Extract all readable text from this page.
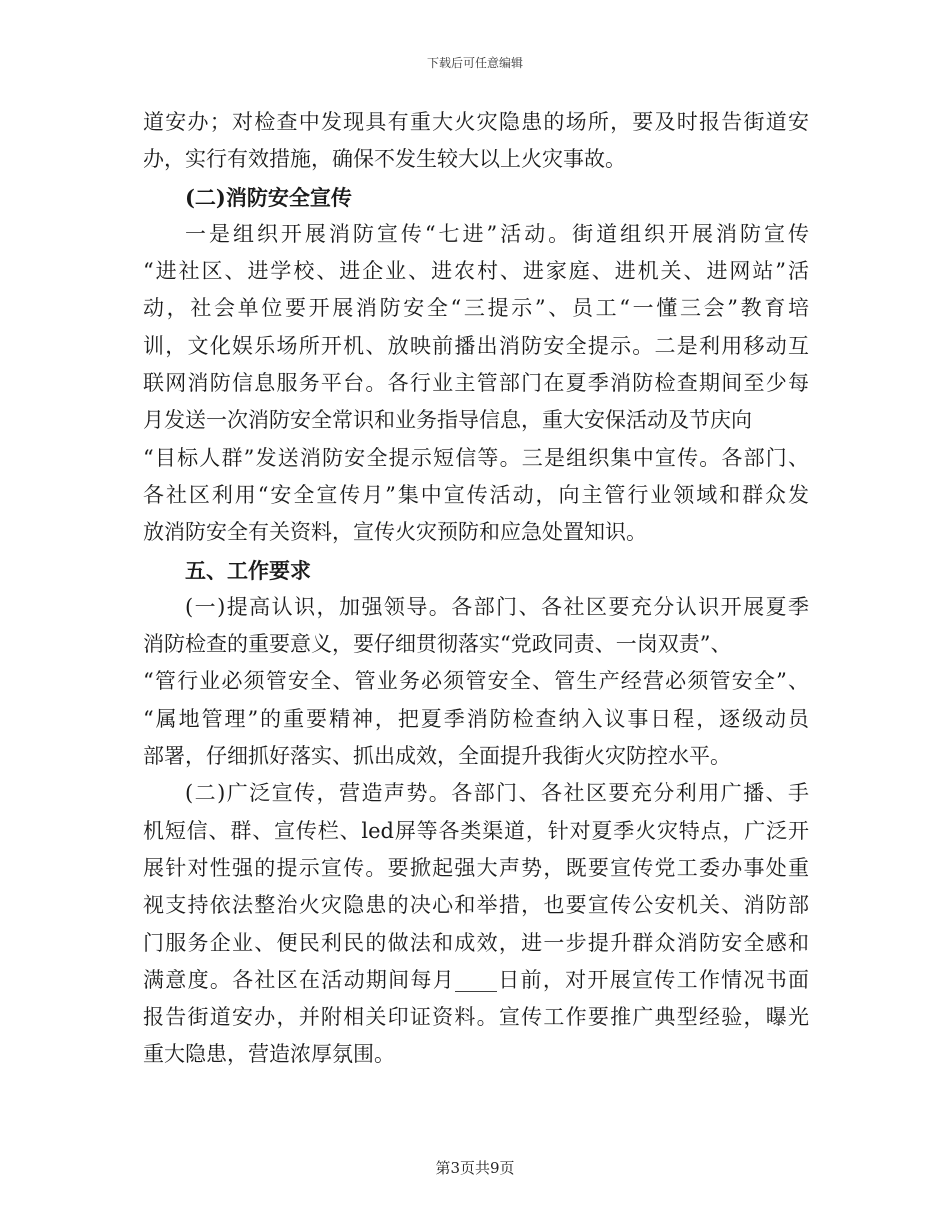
下载后可任意编辑
道安办；对检查中发现具有重大火灾隐患的场所，要及时报告街道安
办，实行有效措施，确保不发生较大以上火灾事故。
(二)消防安全宣传
一是组织开展消防宣传“七进”活动。街道组织开展消防宣传
“进社区、进学校、进企业、进农村、进家庭、进机关、进网站”活
动，社会单位要开展消防安全“三提示”、员工“一懂三会”教育培
训，文化娱乐场所开机、放映前播出消防安全提示。二是利用移动互
联网消防信息服务平台。各行业主管部门在夏季消防检查期间至少每
月发送一次消防安全常识和业务指导信息，重大安保活动及节庆向
“目标人群”发送消防安全提示短信等。三是组织集中宣传。各部门、
各社区利用“安全宣传月”集中宣传活动，向主管行业领域和群众发
放消防安全有关资料，宣传火灾预防和应急处置知识。
五、工作要求
(一)提高认识，加强领导。各部门、各社区要充分认识开展夏季
消防检查的重要意义，要仔细贯彻落实“党政同责、一岗双责”、
“管行业必须管安全、管业务必须管安全、管生产经营必须管安全”、
“属地管理”的重要精神，把夏季消防检查纳入议事日程，逐级动员
部署，仔细抓好落实、抓出成效，全面提升我街火灾防控水平。
(二)广泛宣传，营造声势。各部门、各社区要充分利用广播、手
机短信、群、宣传栏、led屏等各类渠道，针对夏季火灾特点，广泛开
展针对性强的提示宣传。要掀起强大声势，既要宣传党工委办事处重
视支持依法整治火灾隐患的决心和举措，也要宣传公安机关、消防部
门服务企业、便民利民的做法和成效，进一步提升群众消防安全感和
满意度。各社区在活动期间每月____日前，对开展宣传工作情况书面
报告街道安办，并附相关印证资料。宣传工作要推广典型经验，曝光
重大隐患，营造浓厚氛围。
第3页共9页
